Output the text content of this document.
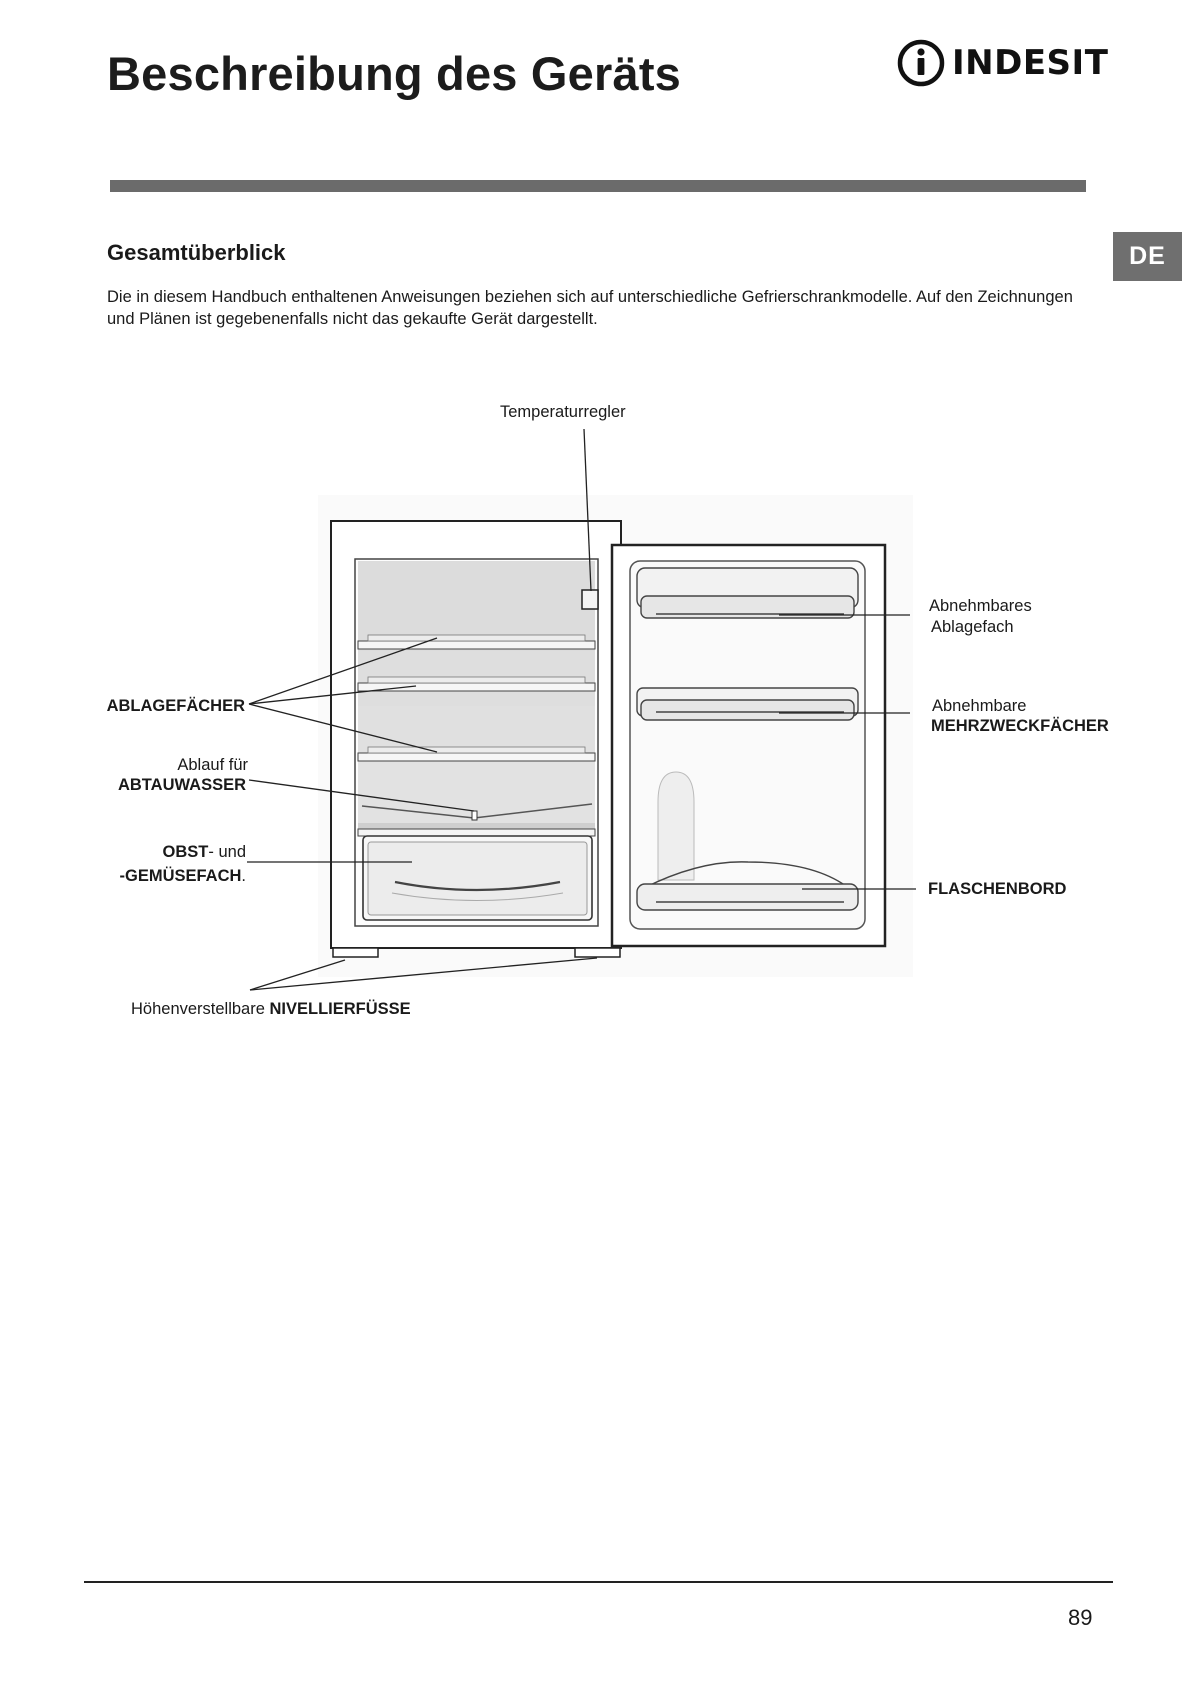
Beschreibung des Geräts	INDESIT
DE
Gesamtüberblick
Die in diesem Handbuch enthaltenen Anweisungen beziehen sich auf unterschiedliche Gefrierschrankmodelle. Auf den Zeichnungen und Plänen ist gegebenenfalls nicht das gekaufte Gerät dargestellt.
Temperaturregler
Abnehmbares
Ablagefach
ABLAGEFÄCHER	Abnehmbare
MEHRZWECKFÄCHER
Ablauf für
ABTAUWASSER
OBST- und
-GEMÜSEFACH.
FLASCHENBORD
Höhenverstellbare NIVELLIERFÜSSE
89
